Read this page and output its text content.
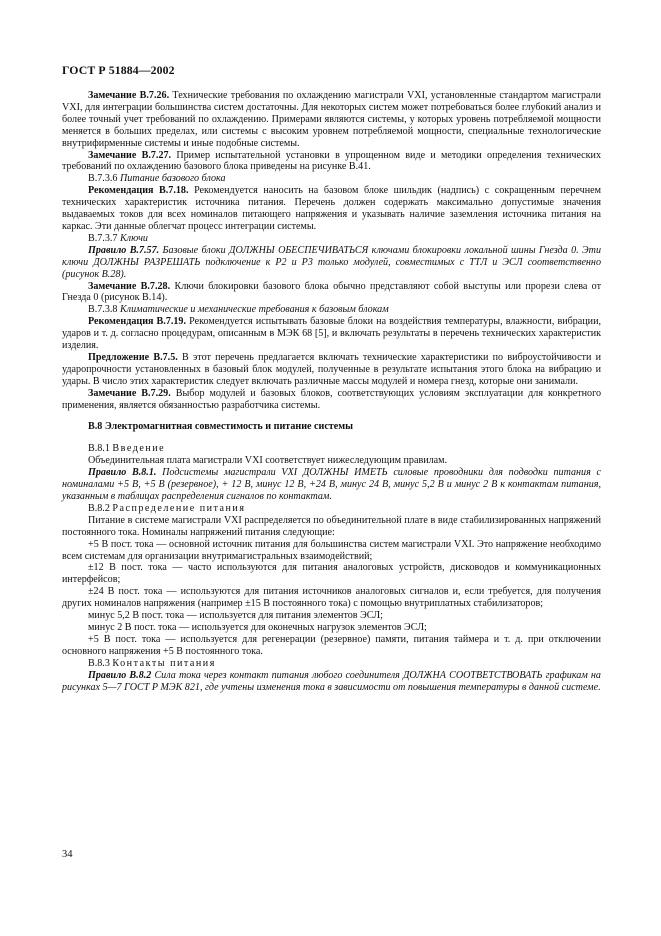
ГОСТ Р 51884—2002

Замечание В.7.26. Технические требования по охлаждению магистрали VXI, установленные стандартом магистрали VXI, для интеграции большинства систем достаточны. Для некоторых систем может потребоваться более глубокий анализ и более точный учет требований по охлаждению. Примерами являются системы, у которых уровень потребляемой мощности меняется в больших пределах, или системы с высоким уровнем потребляемой мощности, специальные технологические внутрифирменные системы и иные подобные системы.

Замечание В.7.27. Пример испытательной установки в упрощенном виде и методики определения технических требований по охлаждению базового блока приведены на рисунке В.41.

В.7.3.6 Питание базового блока

Рекомендация В.7.18. Рекомендуется наносить на базовом блоке шильдик (надпись) с сокращенным перечнем технических характеристик источника питания. Перечень должен содержать максимально допустимые значения выдаваемых токов для всех номиналов питающего напряжения и указывать наличие заземления источника питания на каркас. Эти данные облегчат процесс интеграции системы.

В.7.3.7 Ключи

Правило В.7.57. Базовые блоки ДОЛЖНЫ ОБЕСПЕЧИВАТЬСЯ ключами блокировки локальной шины Гнезда 0. Эти ключи ДОЛЖНЫ РАЗРЕШАТЬ подключение к Р2 и Р3 только модулей, совместимых с ТТЛ и ЭСЛ соответственно (рисунок В.28).

Замечание В.7.28. Ключи блокировки базового блока обычно представляют собой выступы или прорези слева от Гнезда 0 (рисунок В.14).

В.7.3.8 Климатические и механические требования к базовым блокам

Рекомендация В.7.19. Рекомендуется испытывать базовые блоки на воздействия температуры, влажности, вибрации, ударов и т. д. согласно процедурам, описанным в МЭК 68 [5], и включать результаты в перечень технических характеристик изделия.

Предложение В.7.5. В этот перечень предлагается включать технические характеристики по виброустойчивости и ударопрочности установленных в базовый блок модулей, полученные в результате испытания этого блока на вибрацию и удары. В число этих характеристик следует включать различные массы модулей и номера гнезд, которые они занимали.

Замечание В.7.29. Выбор модулей и базовых блоков, соответствующих условиям эксплуатации для конкретного применения, является обязанностью разработчика системы.

В.8 Электромагнитная совместимость и питание системы

В.8.1 Введение

Объединительная плата магистрали VXI соответствует нижеследующим правилам.

Правило В.8.1. Подсистемы магистрали VXI ДОЛЖНЫ ИМЕТЬ силовые проводники для подводки питания с номиналами +5 В, +5 В (резервное), + 12 В, минус 12 В, +24 В, минус 24 В, минус 5,2 В и минус 2 В к контактам питания, указанным в таблицах распределения сигналов по контактам.

В.8.2 Распределение питания

Питание в системе магистрали VXI распределяется по объединительной плате в виде стабилизированных напряжений постоянного тока. Номиналы напряжений питания следующие:

+5 В пост. тока — основной источник питания для большинства систем магистрали VXI. Это напряжение необходимо всем системам для организации внутримагистральных взаимодействий;

±12 В пост. тока — часто используются для питания аналоговых устройств, дисководов и коммуникационных интерфейсов;

±24 В пост. тока — используются для питания источников аналоговых сигналов и, если требуется, для получения других номиналов напряжения (например ±15 В постоянного тока) с помощью внутриплатных стабилизаторов;

минус 5,2 В пост. тока — используется для питания элементов ЭСЛ;

минус 2 В пост. тока — используется для оконечных нагрузок элементов ЭСЛ;

+5 В пост. тока — используется для регенерации (резервное) памяти, питания таймера и т. д. при отключении основного напряжения +5 В постоянного тока.

В.8.3 Контакты питания

Правило В.8.2 Сила тока через контакт питания любого соединителя ДОЛЖНА СООТВЕТСТВОВАТЬ графикам на рисунках 5—7 ГОСТ Р МЭК 821, где учтены изменения тока в зависимости от повышения температуры в данной системе.

34
